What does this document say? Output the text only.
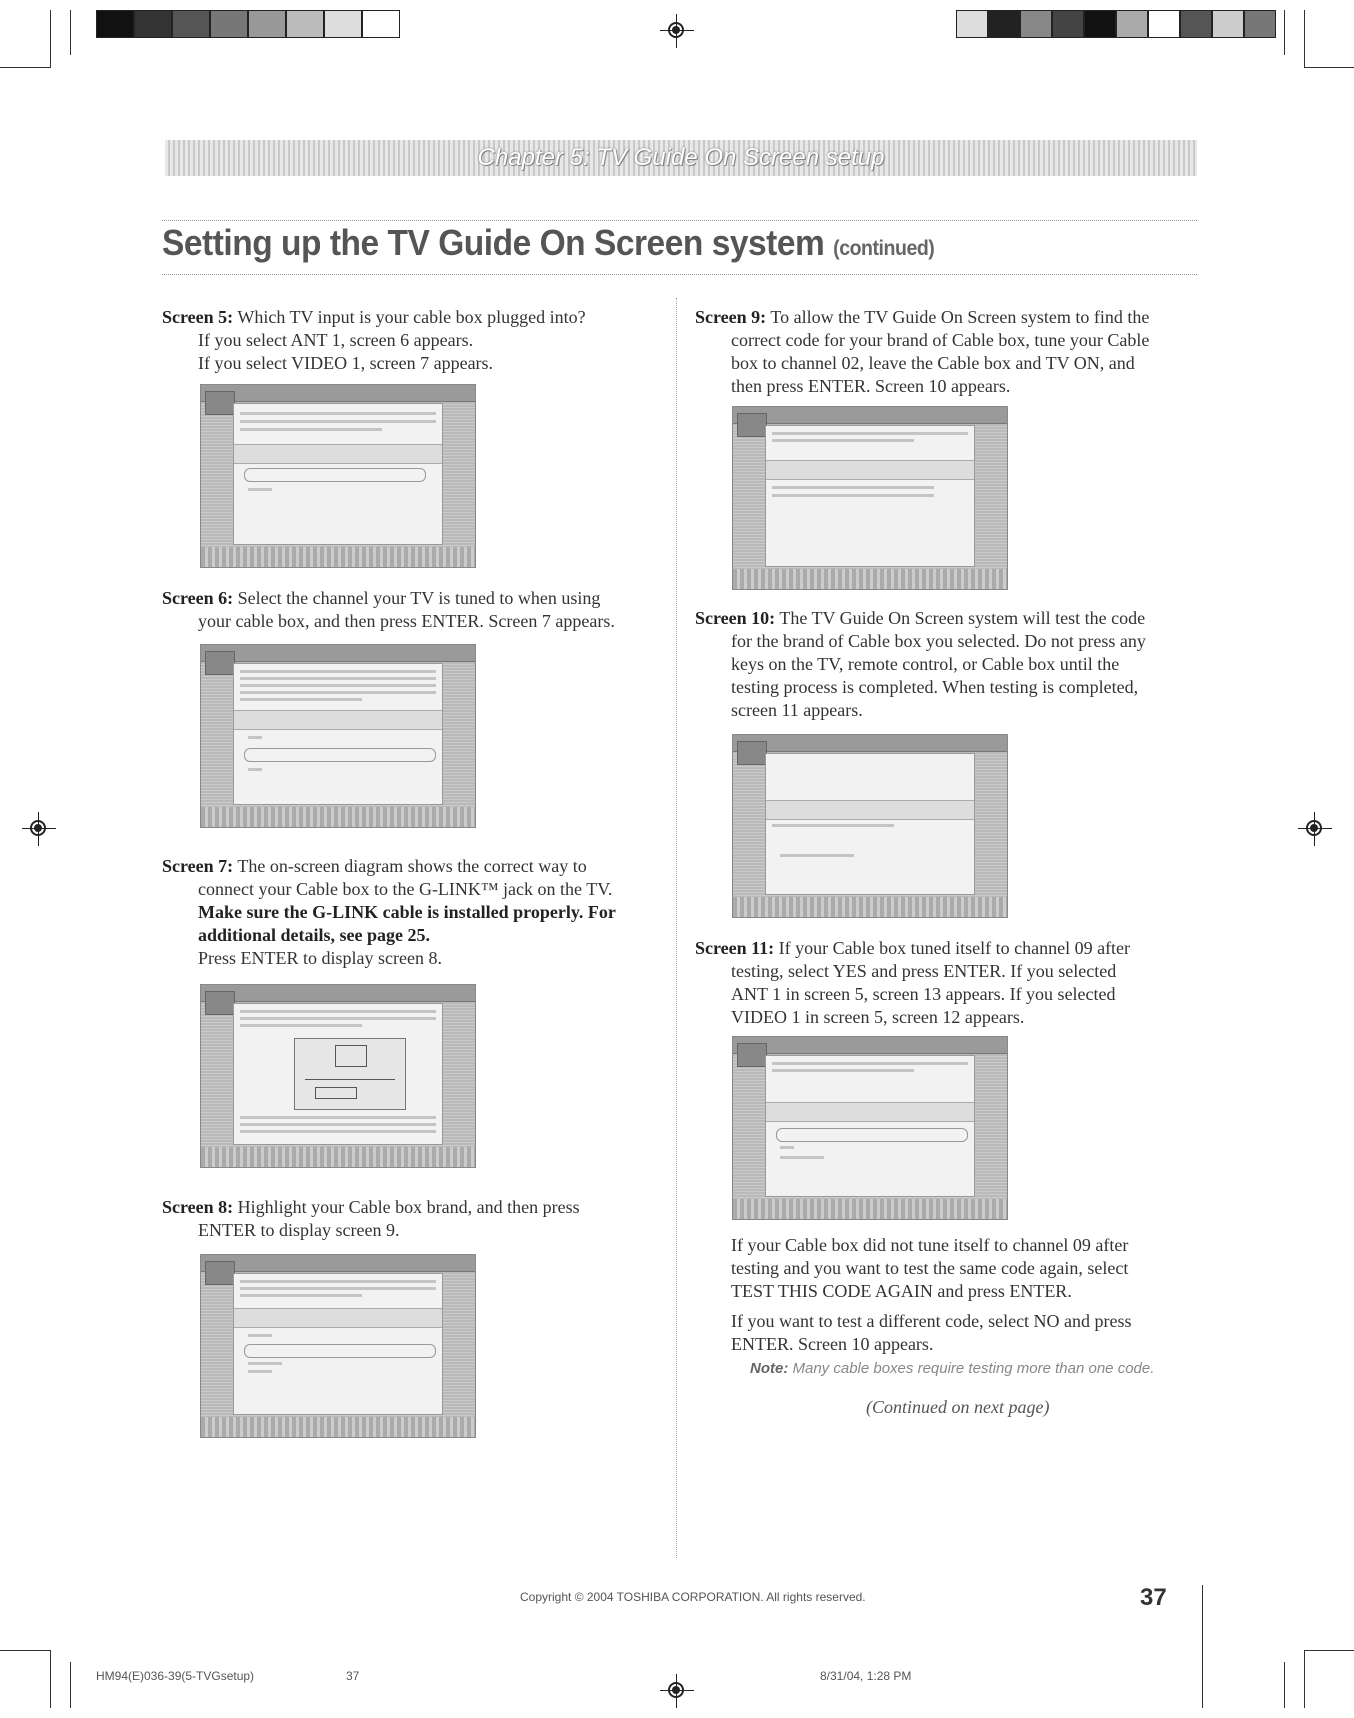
Chapter 5: TV Guide On Screen setup
Setting up the TV Guide On Screen system (continued)
Screen 5: Which TV input is your cable box plugged into?
If you select ANT 1, screen 6 appears.
If you select VIDEO 1, screen 7 appears.
Screen 6: Select the channel your TV is tuned to when using
your cable box, and then press ENTER. Screen 7 appears.
Screen 7: The on-screen diagram shows the correct way to
connect your Cable box to the G-LINK™ jack on the TV.
Make sure the G-LINK cable is installed properly. For
additional details, see page 25.
Press ENTER to display screen 8.
Screen 8: Highlight your Cable box brand, and then press
ENTER to display screen 9.
Screen 9: To allow the TV Guide On Screen system to find the
correct code for your brand of Cable box, tune your Cable
box to channel 02, leave the Cable box and TV ON, and
then press ENTER. Screen 10 appears.
Screen 10: The TV Guide On Screen system will test the code
for the brand of Cable box you selected. Do not press any
keys on the TV, remote control, or Cable box until the
testing process is completed. When testing is completed,
screen 11 appears.
Screen 11: If your Cable box tuned itself to channel 09 after
testing, select YES and press ENTER. If you selected
ANT 1 in screen 5, screen 13 appears. If you selected
VIDEO 1 in screen 5, screen 12 appears.
If your Cable box did not tune itself to channel 09 after
testing and you want to test the same code again, select
TEST THIS CODE AGAIN and press ENTER.
If you want to test a different code, select NO and press
ENTER. Screen 10 appears.
Note: Many cable boxes require testing more than one code.
(Continued on next page)
Copyright © 2004 TOSHIBA CORPORATION. All rights reserved.	37
HM94(E)036-39(5-TVGsetup)	37	8/31/04, 1:28 PM
